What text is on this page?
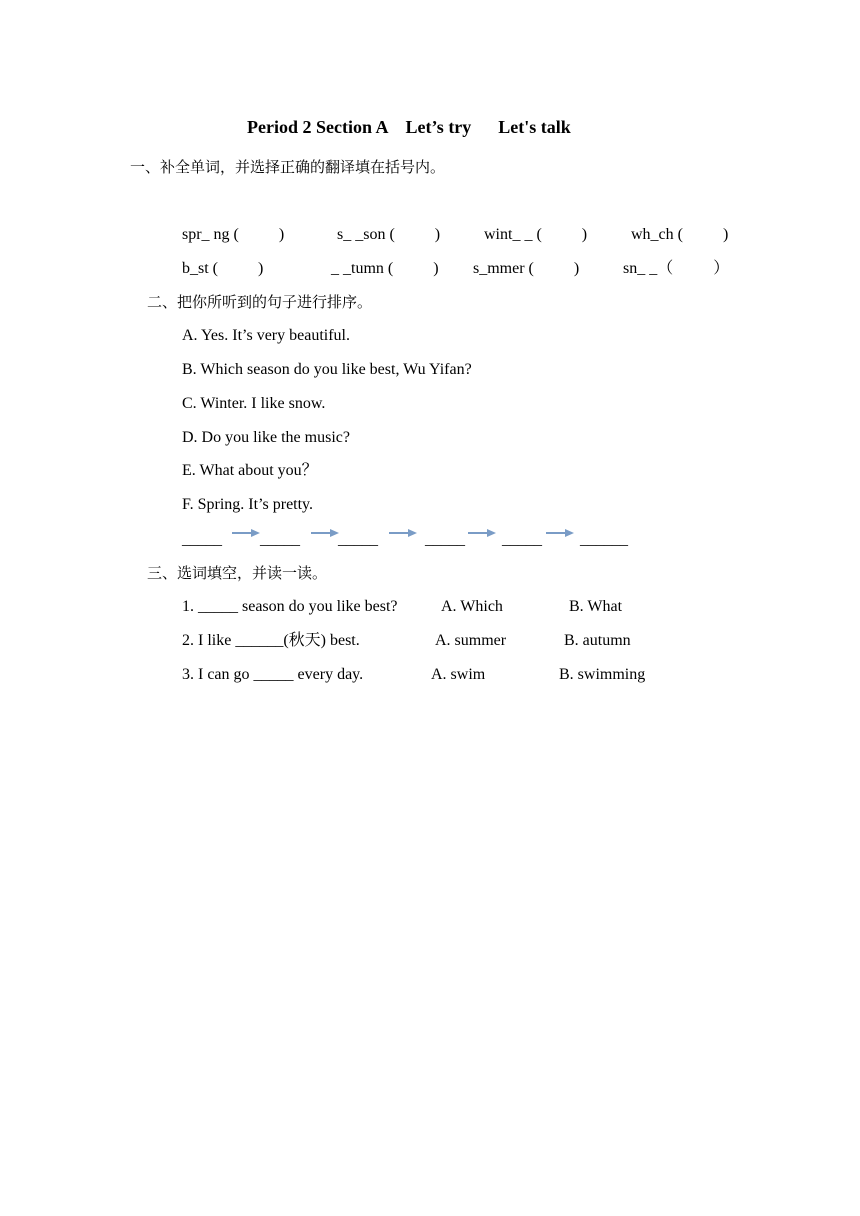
Period 2 Section A    Let’s try      Let's talk
一、补全单词，并选择正确的翻译填在括号内。
spr_ ng (          )	s_ _son (          )	wint_ _ (          )	wh_ch (          )
b_st (          )	_ _tumn (          ) s_mmer (          )	sn_ _（          ）
二、把你所听到的句子进行排序。
A. Yes. It’s very beautiful.
B. Which season do you like best, Wu Yifan?
C. Winter. I like snow.
D. Do you like the music?
E. What about you？
F. Spring. It’s pretty.
_____ _____ _____	_____ _____ ______
三、选词填空，并读一读。
1. _____ season do you like best?	A. Which	B. What
2. I like ______(秋天) best.	A. summer	B. autumn
3. I can go _____ every day.	A. swim	B. swimming
